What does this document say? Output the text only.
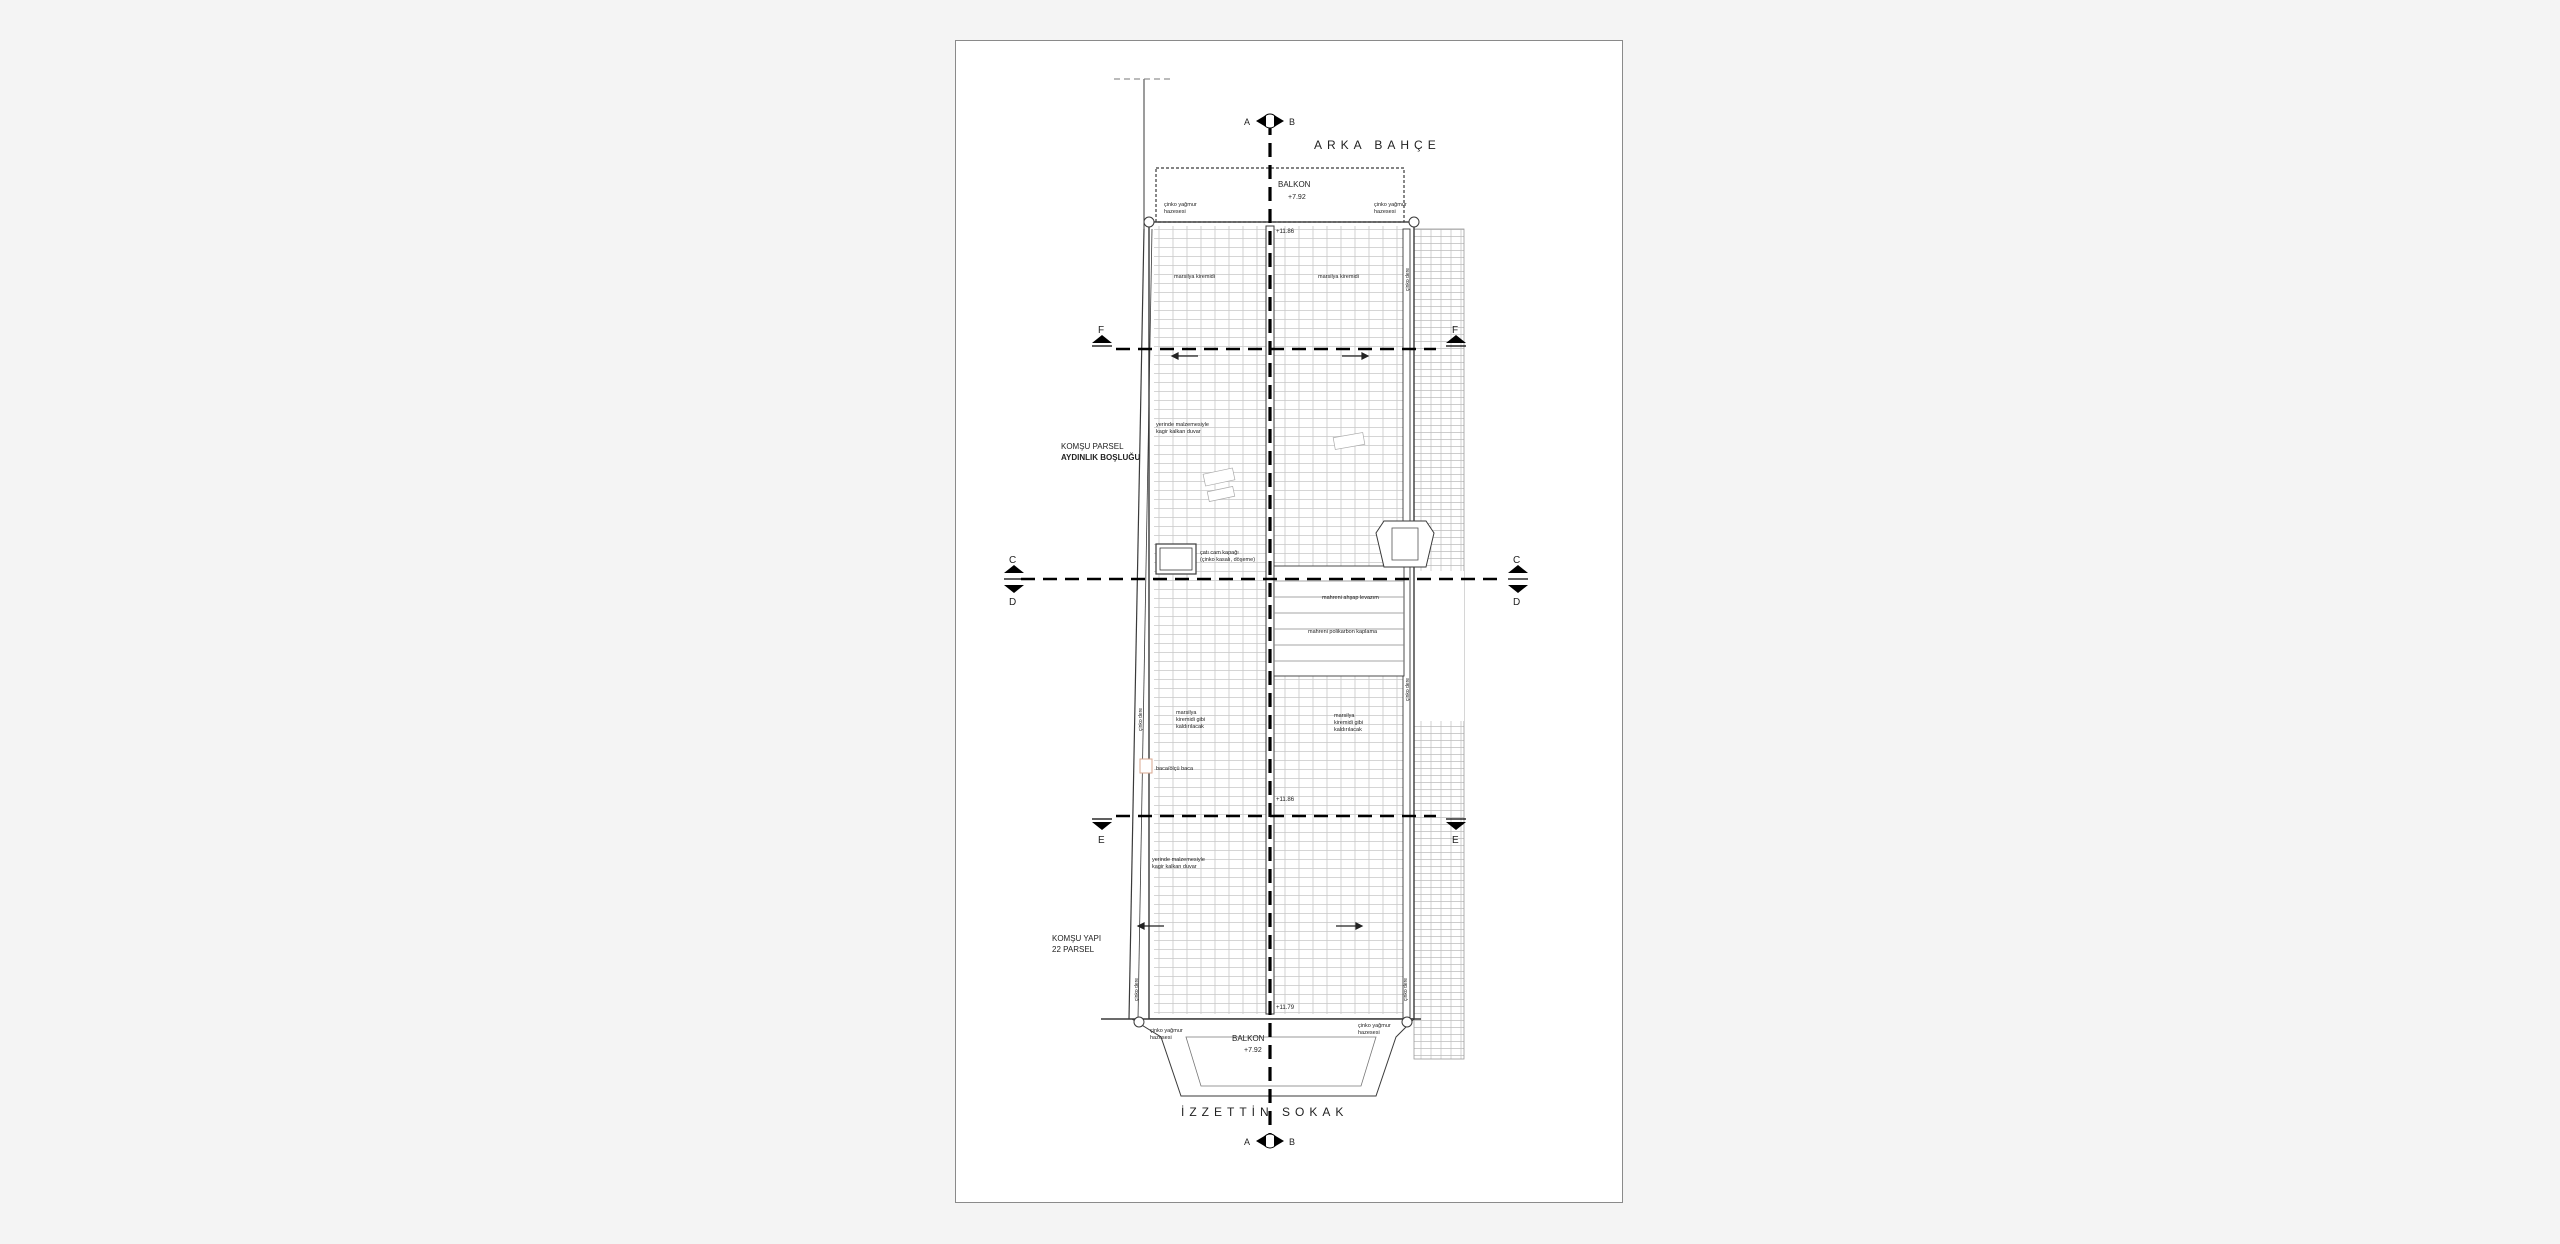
ARKA BAHÇE
İZZETTİN SOKAK
BALKON
+7.92
BALKON
+7.92
KOMŞU PARSEL
AYDINLIK BOŞLUĞU
KOMŞU YAPI
22 PARSEL
çinko yağmur
hazesesi
çinko yağmur
hazesesi
çinko yağmur
hazesesi
çinko yağmur
hazesesi
marsilya kiremidi	marsilya kiremidi
yerinde malzemesiyle
kagir kalkan duvar
çatı cam kapağı
(çinko kasalı, döşeme)
mahreni ahşap levazım
mahreni polikarbon kaplama
marsilya
kiremidi gibi
kaldırılacak
marsilya
kiremidi gibi
kaldırılacak
baca/ölçü baca
yerinde malzemesiyle
kagir kalkan duvar
çinko dere
çinko dere
çinko dere
çinko dere
çinko dere
+11.86
+11.86
+11.79
A	B
A	B
F	F
C
D
C
D
E	E
